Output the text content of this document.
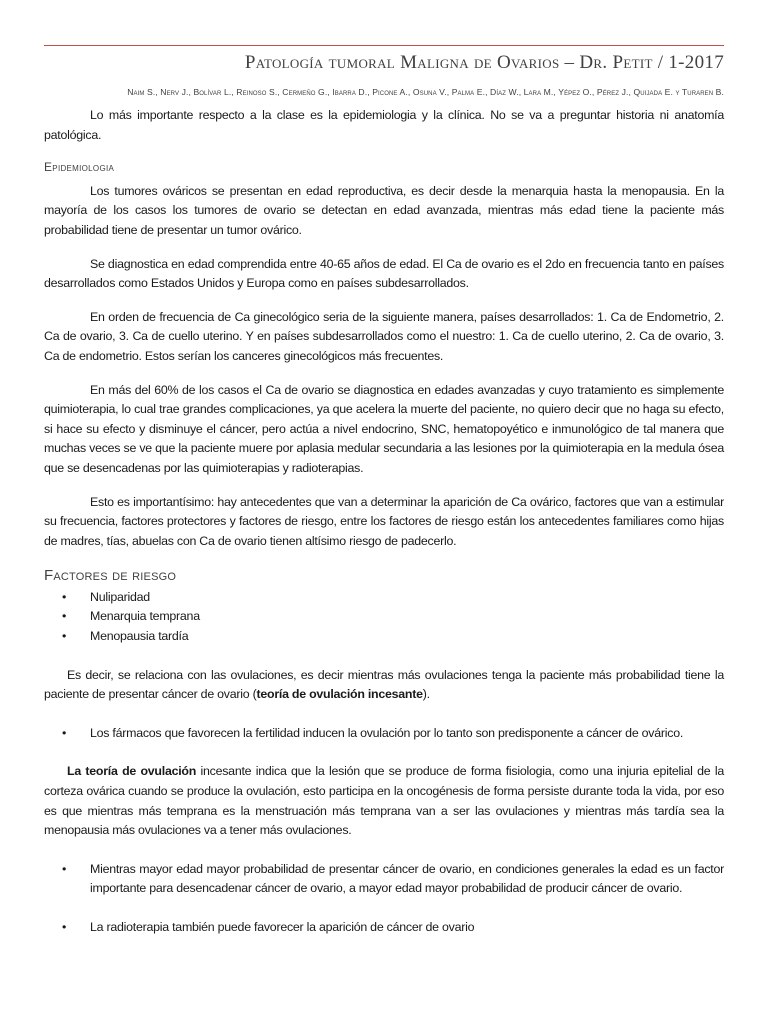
Patología tumoral Maligna de Ovarios – Dr. Petit / 1-2017
Naim S., Nerv J., Bolívar L., Reinoso S., Cermeño G., Ibarra D., Picone A., Osuna V., Palma E., Díaz W., Lara M., Yépez O., Pérez J., Quijada E. y Turaren B.

Lo más importante respecto a la clase es la epidemiologia y la clínica. No se va a preguntar historia ni anatomía patológica.

Epidemiologia

Los tumores ováricos se presentan en edad reproductiva, es decir desde la menarquia hasta la menopausia. En la mayoría de los casos los tumores de ovario se detectan en edad avanzada, mientras más edad tiene la paciente más probabilidad tiene de presentar un tumor ovárico.

Se diagnostica en edad comprendida entre 40-65 años de edad. El Ca de ovario es el 2do en frecuencia tanto en países desarrollados como Estados Unidos y Europa como en países subdesarrollados.

En orden de frecuencia de Ca ginecológico seria de la siguiente manera, países desarrollados: 1. Ca de Endometrio, 2. Ca de ovario, 3. Ca de cuello uterino. Y en países subdesarrollados como el nuestro: 1. Ca de cuello uterino, 2. Ca de ovario, 3. Ca de endometrio. Estos serían los canceres ginecológicos más frecuentes.

En más del 60% de los casos el Ca de ovario se diagnostica en edades avanzadas y cuyo tratamiento es simplemente quimioterapia, lo cual trae grandes complicaciones, ya que acelera la muerte del paciente, no quiero decir que no haga su efecto, si hace su efecto y disminuye el cáncer, pero actúa a nivel endocrino, SNC, hematopoyético e inmunológico de tal manera que muchas veces se ve que la paciente muere por aplasia medular secundaria a las lesiones por la quimioterapia en la medula ósea que se desencadenas por las quimioterapias y radioterapias.

Esto es importantísimo: hay antecedentes que van a determinar la aparición de Ca ovárico, factores que van a estimular su frecuencia, factores protectores y factores de riesgo, entre los factores de riesgo están los antecedentes familiares como hijas de madres, tías, abuelas con Ca de ovario tienen altísimo riesgo de padecerlo.

Factores de riesgo

• Nuliparidad
• Menarquia temprana
• Menopausia tardía

Es decir, se relaciona con las ovulaciones, es decir mientras más ovulaciones tenga la paciente más probabilidad tiene la paciente de presentar cáncer de ovario (teoría de ovulación incesante).

• Los fármacos que favorecen la fertilidad inducen la ovulación por lo tanto son predisponente a cáncer de ovárico.

La teoría de ovulación incesante indica que la lesión que se produce de forma fisiologia, como una injuria epitelial de la corteza ovárica cuando se produce la ovulación, esto participa en la oncogénesis de forma persiste durante toda la vida, por eso es que mientras más temprana es la menstruación más temprana van a ser las ovulaciones y mientras más tardía sea la menopausia más ovulaciones va a tener más ovulaciones.

• Mientras mayor edad mayor probabilidad de presentar cáncer de ovario, en condiciones generales la edad es un factor importante para desencadenar cáncer de ovario, a mayor edad mayor probabilidad de producir cáncer de ovario.
• La radioterapia también puede favorecer la aparición de cáncer de ovario
